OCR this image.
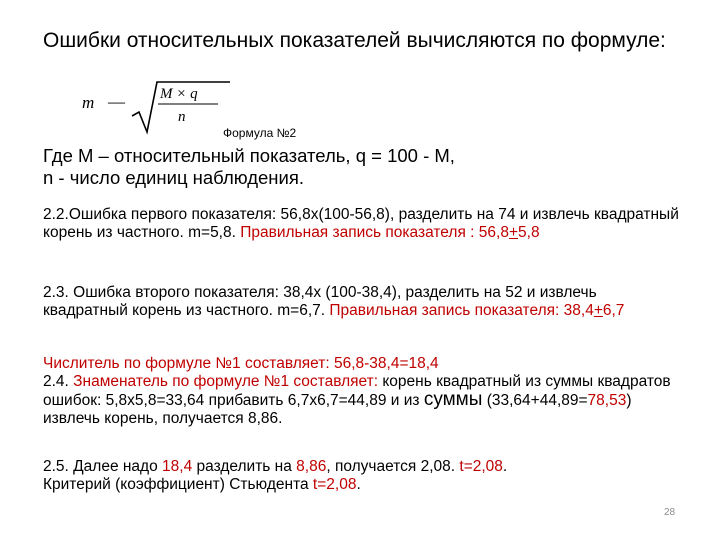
Ошибки относительных показателей вычисляются по формуле:
m — M × q
n
Формула №2
Где M – относительный показатель, q = 100 - M,
n - число единиц наблюдения.
2.2.Ошибка первого показателя: 56,8х(100-56,8), разделить на 74 и извлечь квадратный корень из частного. m=5,8. Правильная запись показателя : 56,8+5,8
2.3. Ошибка второго показателя: 38,4х (100-38,4), разделить на 52 и извлечь квадратный корень из частного. m=6,7. Правильная запись показателя: 38,4+6,7
Числитель по формуле №1 составляет: 56,8-38,4=18,4
2.4. Знаменатель по формуле №1 составляет: корень квадратный из суммы квадратов ошибок: 5,8х5,8=33,64 прибавить 6,7х6,7=44,89 и из суммы (33,64+44,89=78,53) извлечь корень, получается 8,86.
2.5. Далее надо 18,4 разделить на 8,86, получается 2,08. t=2,08.
Критерий (коэффициент) Стьюдента t=2,08.
28
